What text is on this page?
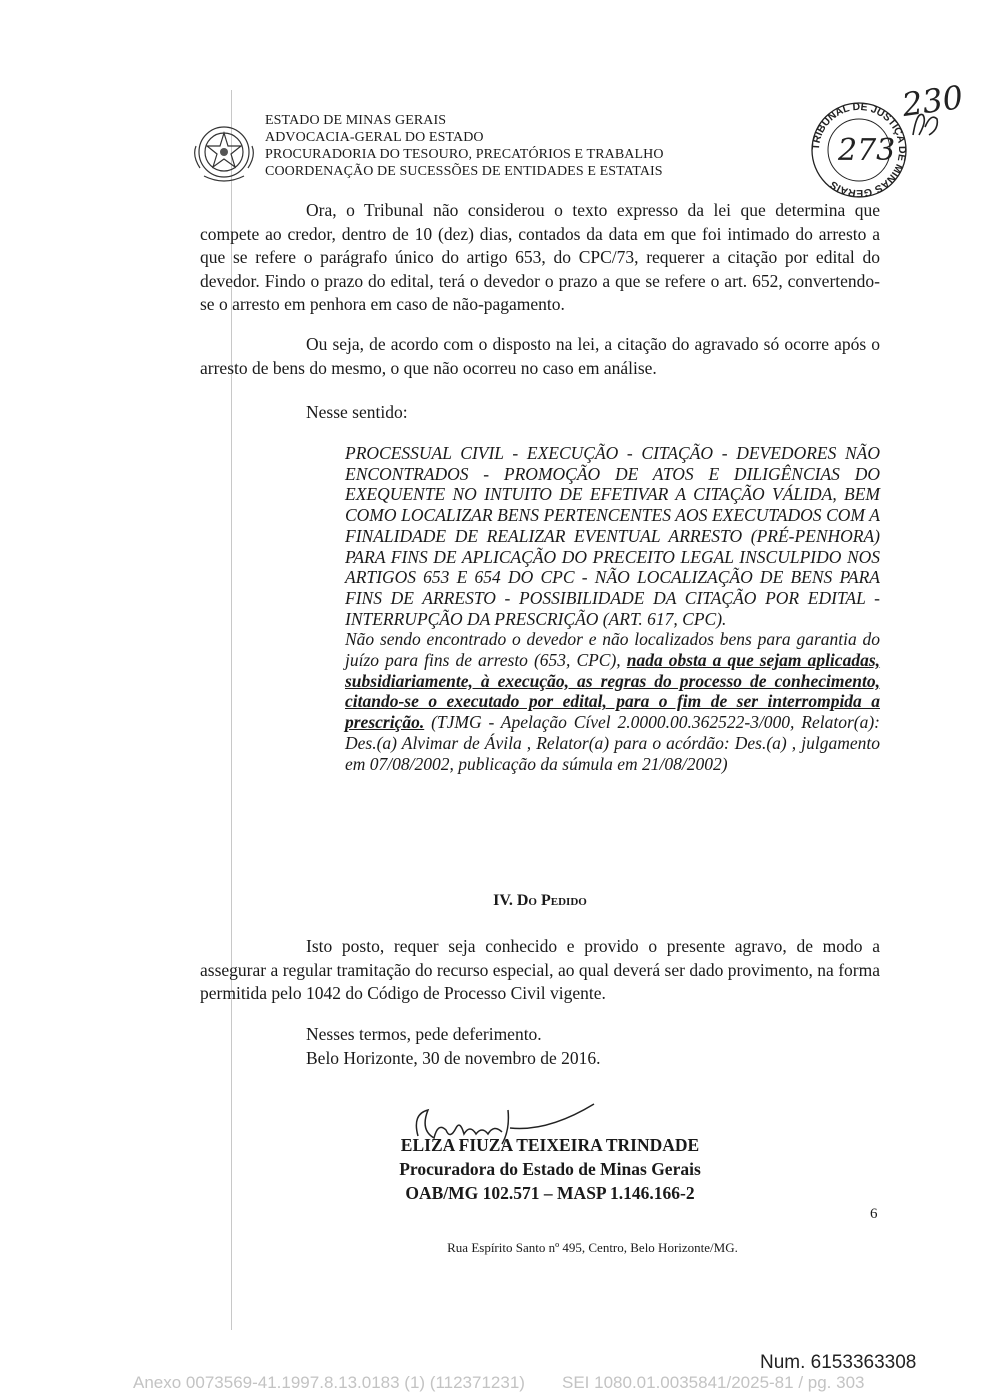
ESTADO DE MINAS GERAIS
ADVOCACIA-GERAL DO ESTADO
PROCURADORIA DO TESOURO, PRECATÓRIOS E TRABALHO
COORDENAÇÃO DE SUCESSÕES DE ENTIDADES E ESTATAIS
TRIBUNAL DE JUSTIÇA DE MINAS GERAIS
273
230

Ora, o Tribunal não considerou o texto expresso da lei que determina que compete ao credor, dentro de 10 (dez) dias, contados da data em que foi intimado do arresto a que se refere o parágrafo único do artigo 653, do CPC/73, requerer a citação por edital do devedor. Findo o prazo do edital, terá o devedor o prazo a que se refere o art. 652, convertendo-se o arresto em penhora em caso de não-pagamento.

Ou seja, de acordo com o disposto na lei, a citação do agravado só ocorre após o arresto de bens do mesmo, o que não ocorreu no caso em análise.

Nesse sentido:

PROCESSUAL CIVIL - EXECUÇÃO - CITAÇÃO - DEVEDORES NÃO ENCONTRADOS - PROMOÇÃO DE ATOS E DILIGÊNCIAS DO EXEQUENTE NO INTUITO DE EFETIVAR A CITAÇÃO VÁLIDA, BEM COMO LOCALIZAR BENS PERTENCENTES AOS EXECUTADOS COM A FINALIDADE DE REALIZAR EVENTUAL ARRESTO (PRÉ-PENHORA) PARA FINS DE APLICAÇÃO DO PRECEITO LEGAL INSCULPIDO NOS ARTIGOS 653 E 654 DO CPC - NÃO LOCALIZAÇÃO DE BENS PARA FINS DE ARRESTO - POSSIBILIDADE DA CITAÇÃO POR EDITAL - INTERRUPÇÃO DA PRESCRIÇÃO (ART. 617, CPC).
Não sendo encontrado o devedor e não localizados bens para garantia do juízo para fins de arresto (653, CPC), nada obsta a que sejam aplicadas, subsidiariamente, à execução, as regras do processo de conhecimento, citando-se o executado por edital, para o fim de ser interrompida a prescrição. (TJMG - Apelação Cível 2.0000.00.362522-3/000, Relator(a): Des.(a) Alvimar de Ávila , Relator(a) para o acórdão: Des.(a) , julgamento em 07/08/2002, publicação da súmula em 21/08/2002)
IV. Do Pedido

Isto posto, requer seja conhecido e provido o presente agravo, de modo a assegurar a regular tramitação do recurso especial, ao qual deverá ser dado provimento, na forma permitida pelo 1042 do Código de Processo Civil vigente.

Nesses termos, pede deferimento.
Belo Horizonte, 30 de novembro de 2016.
ELIZA FIUZA TEIXEIRA TRINDADE
Procuradora do Estado de Minas Gerais
OAB/MG 102.571 – MASP 1.146.166-2
6
Rua Espírito Santo nº 495, Centro, Belo Horizonte/MG.
Num. 6153363308
Anexo 0073569-41.1997.8.13.0183 (1) (112371231) SEI 1080.01.0035841/2025-81 / pg. 303
